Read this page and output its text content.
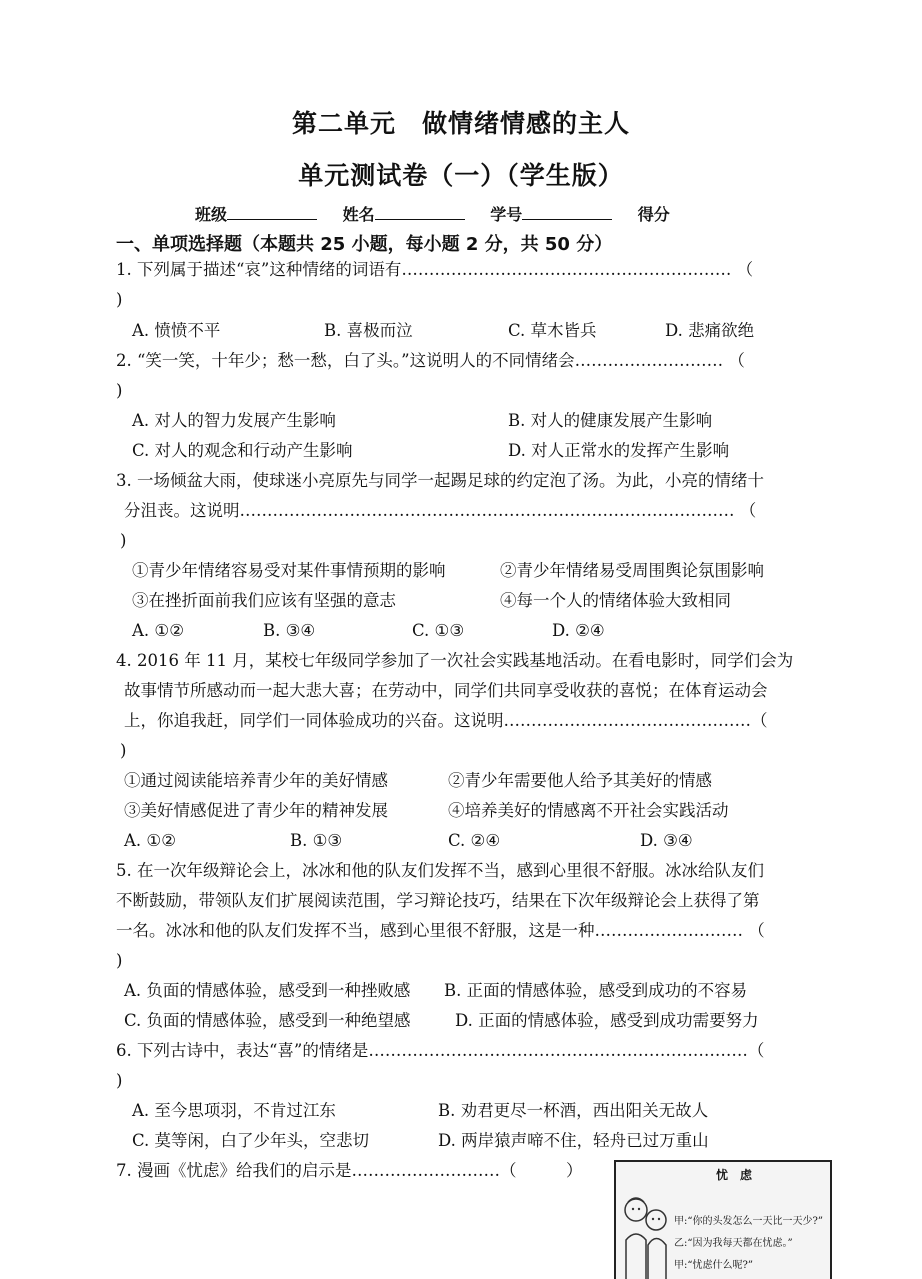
第二单元　做情绪情感的主人
单元测试卷（一）（学生版）
班级	姓名	学号	得分
一、单项选择题（本题共 25 小题，每小题 2 分，共 50 分）
1. 下列属于描述“哀”这种情绪的词语有…………………………………………………… （
)
A. 愤愤不平	B. 喜极而泣	C. 草木皆兵	D. 悲痛欲绝
2. “笑一笑，十年少；愁一愁，白了头。”这说明人的不同情绪会……………………… （
)
A. 对人的智力发展产生影响	B. 对人的健康发展产生影响
C. 对人的观念和行动产生影响	D. 对人正常水的发挥产生影响
3. 一场倾盆大雨，使球迷小亮原先与同学一起踢足球的约定泡了汤。为此，小亮的情绪十
分沮丧。这说明……………………………………………………………………………… （
)
①青少年情绪容易受对某件事情预期的影响	②青少年情绪易受周围舆论氛围影响
③在挫折面前我们应该有坚强的意志	④每一个人的情绪体验大致相同
A. ①②	B. ③④	C. ①③	D. ②④
4. 2016 年 11 月，某校七年级同学参加了一次社会实践基地活动。在看电影时，同学们会为
故事情节所感动而一起大悲大喜；在劳动中，同学们共同享受收获的喜悦；在体育运动会
上，你追我赶，同学们一同体验成功的兴奋。这说明………………………………………（
)
①通过阅读能培养青少年的美好情感	②青少年需要他人给予其美好的情感
③美好情感促进了青少年的精神发展	④培养美好的情感离不开社会实践活动
A. ①②	B. ①③	C. ②④	D. ③④
5. 在一次年级辩论会上，冰冰和他的队友们发挥不当，感到心里很不舒服。冰冰给队友们
不断鼓励，带领队友们扩展阅读范围，学习辩论技巧，结果在下次年级辩论会上获得了第
一名。冰冰和他的队友们发挥不当，感到心里很不舒服，这是一种……………………… （
)
A. 负面的情感体验，感受到一种挫败感 B. 正面的情感体验，感受到成功的不容易
C. 负面的情感体验，感受到一种绝望感	D. 正面的情感体验，感受到成功需要努力
6. 下列古诗中，表达“喜”的情绪是……………………………………………………………（
)
A. 至今思项羽，不肯过江东	B. 劝君更尽一杯酒，西出阳关无故人
C. 莫等闲，白了少年头，空悲切	D. 两岸猿声啼不住，轻舟已过万重山
7. 漫画《忧虑》给我们的启示是………………………（　　　）	忧　虑
甲:“你的头发怎么一天比一天少?”
乙:“因为我每天都在忧虑。”
甲:“忧虑什么呢?”
